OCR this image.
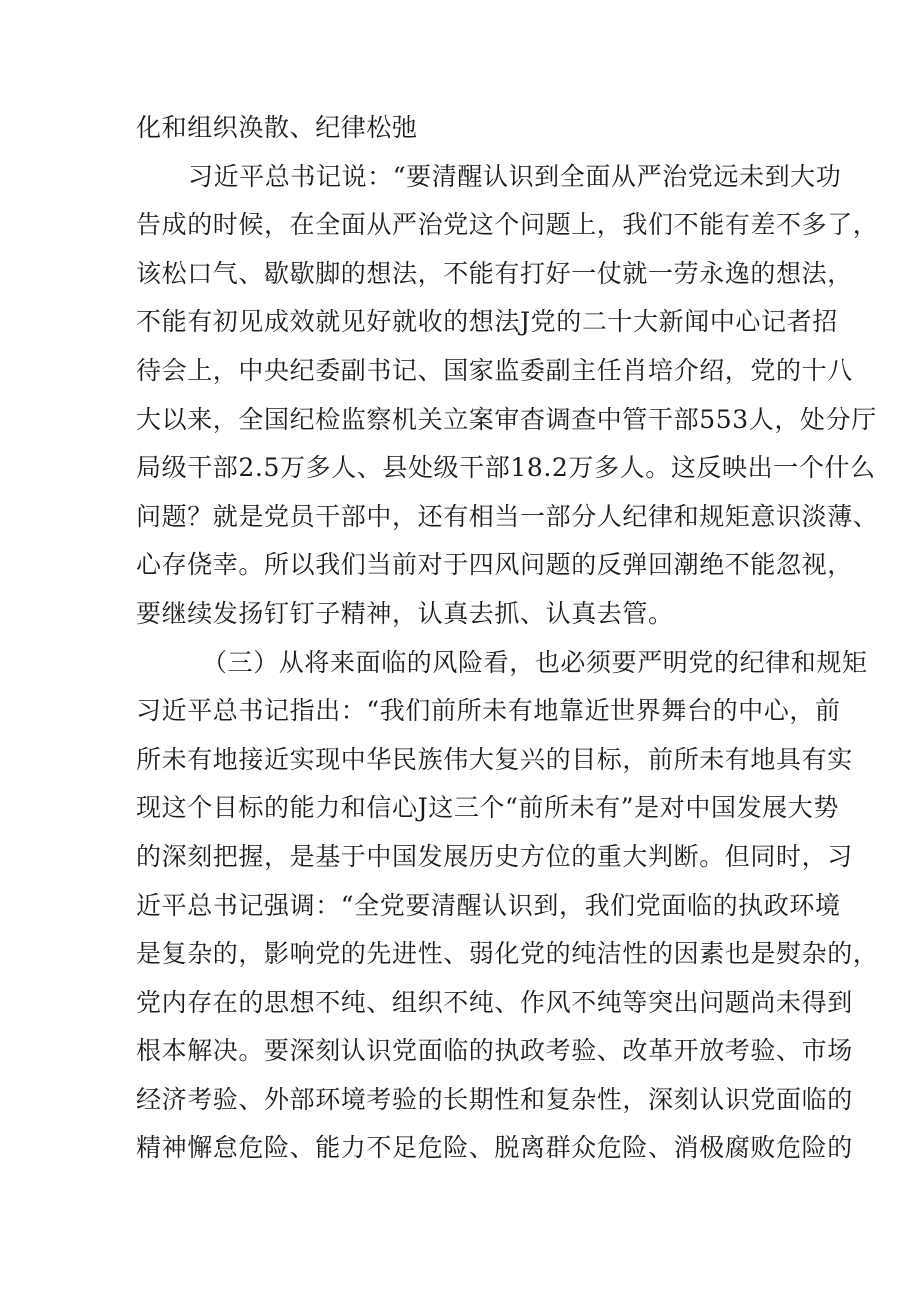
化和组织涣散、纪律松弛
习近平总书记说：“要清醒认识到全面从严治党远未到大功
告成的时候，在全面从严治党这个问题上，我们不能有差不多了，
该松口气、歇歇脚的想法，不能有打好一仗就一劳永逸的想法，
不能有初见成效就见好就收的想法J党的二十大新闻中心记者招
待会上，中央纪委副书记、国家监委副主任肖培介绍，党的十八
大以来，全国纪检监察机关立案审杳调查中管干部553人，处分厅
局级干部2.5万多人、县处级干部18.2万多人。这反映出一个什么
问题？就是党员干部中，还有相当一部分人纪律和规矩意识淡薄、
心存侥幸。所以我们当前对于四风问题的反弹回潮绝不能忽视，
要继续发扬钉钉子精神，认真去抓、认真去管。
（三）从将来面临的风险看，也必须要严明党的纪律和规矩
习近平总书记指出：“我们前所未有地靠近世界舞台的中心，前
所未有地接近实现中华民族伟大复兴的目标，前所未有地具有实
现这个目标的能力和信心J这三个“前所未有”是对中国发展大势
的深刻把握，是基于中国发展历史方位的重大判断。但同时，习
近平总书记强调：“全党要清醒认识到，我们党面临的执政环境
是复杂的，影响党的先进性、弱化党的纯洁性的因素也是熨杂的，
党内存在的思想不纯、组织不纯、作风不纯等突出问题尚未得到
根本解决。要深刻认识党面临的执政考验、改革开放考验、市场
经济考验、外部环境考验的长期性和复杂性，深刻认识党面临的
精神懈怠危险、能力不足危险、脱离群众危险、消极腐败危险的
